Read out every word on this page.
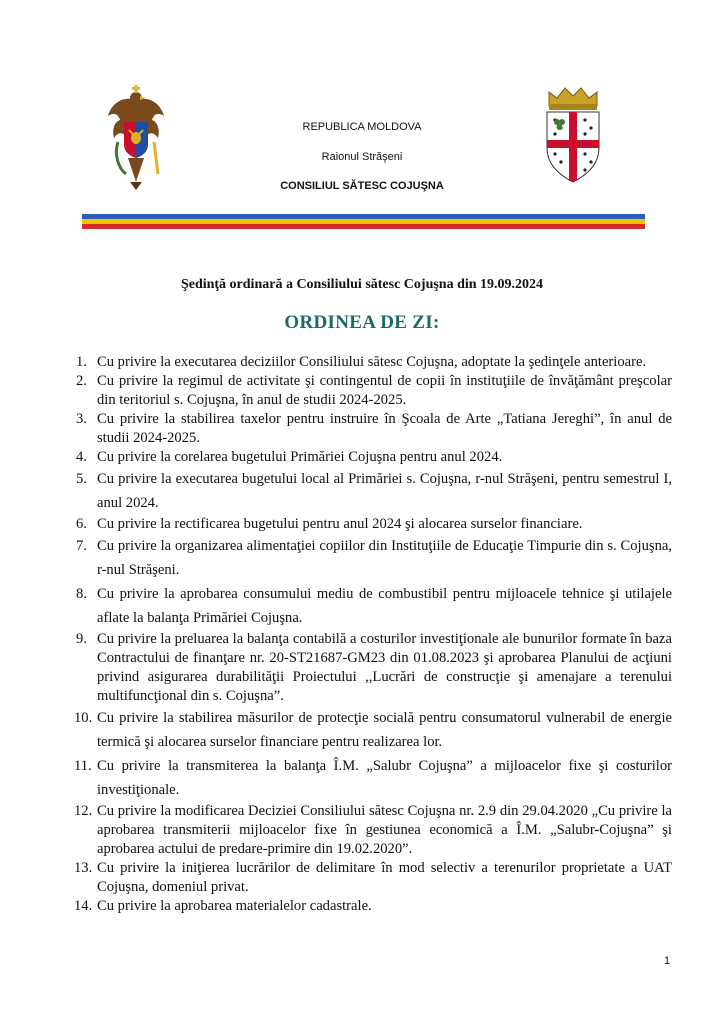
REPUBLICA MOLDOVA
Raionul Străşeni
CONSILIUL SĂTESC COJUŞNA
Şedinţă ordinară a Consiliului sătesc Cojuşna din 19.09.2024
ORDINEA DE ZI:
1. Cu privire la executarea deciziilor Consiliului sătesc Cojuşna, adoptate la şedinţele anterioare.
2. Cu privire la regimul de activitate şi contingentul de copii în instituţiile de învăţământ preşcolar din teritoriul s. Cojuşna, în anul de studii 2024-2025.
3. Cu privire la stabilirea taxelor pentru instruire în Şcoala de Arte „Tatiana Jereghi”, în anul de studii 2024-2025.
4. Cu privire la corelarea bugetului Primăriei Cojuşna pentru anul 2024.
5. Cu privire la executarea bugetului local al Primăriei s. Cojuşna, r-nul Străşeni, pentru semestrul I, anul 2024.
6. Cu privire la rectificarea bugetului pentru anul 2024 şi alocarea surselor financiare.
7. Cu privire la organizarea alimentaţiei copiilor din Instituţiile de Educaţie Timpurie din s. Cojuşna, r-nul Străşeni.
8. Cu privire la aprobarea consumului mediu de combustibil pentru mijloacele tehnice şi utilajele aflate la balanţa Primăriei Cojuşna.
9. Cu privire la preluarea la balanţa contabilă a costurilor investiţionale ale bunurilor formate în baza Contractului de finanţare nr. 20-ST21687-GM23 din 01.08.2023 şi aprobarea Planului de acţiuni privind asigurarea durabilităţii Proiectului ,,Lucrări de construcţie şi amenajare a terenului multifuncţional din s. Cojuşna”.
10. Cu privire la stabilirea măsurilor de protecţie socială pentru consumatorul vulnerabil de energie termică şi alocarea surselor financiare pentru realizarea lor.
11. Cu privire la transmiterea la balanţa Î.M. „Salubr Cojuşna” a mijloacelor fixe şi costurilor investiţionale.
12. Cu privire la modificarea Deciziei Consiliului sătesc Cojuşna nr. 2.9 din 29.04.2020 „Cu privire la aprobarea transmiterii mijloacelor fixe în gestiunea economică a Î.M. „Salubr-Cojuşna” şi aprobarea actului de predare-primire din 19.02.2020”.
13. Cu privire la iniţierea lucrărilor de delimitare în mod selectiv a terenurilor proprietate a UAT Cojuşna, domeniul privat.
14. Cu privire la aprobarea materialelor cadastrale.
1
